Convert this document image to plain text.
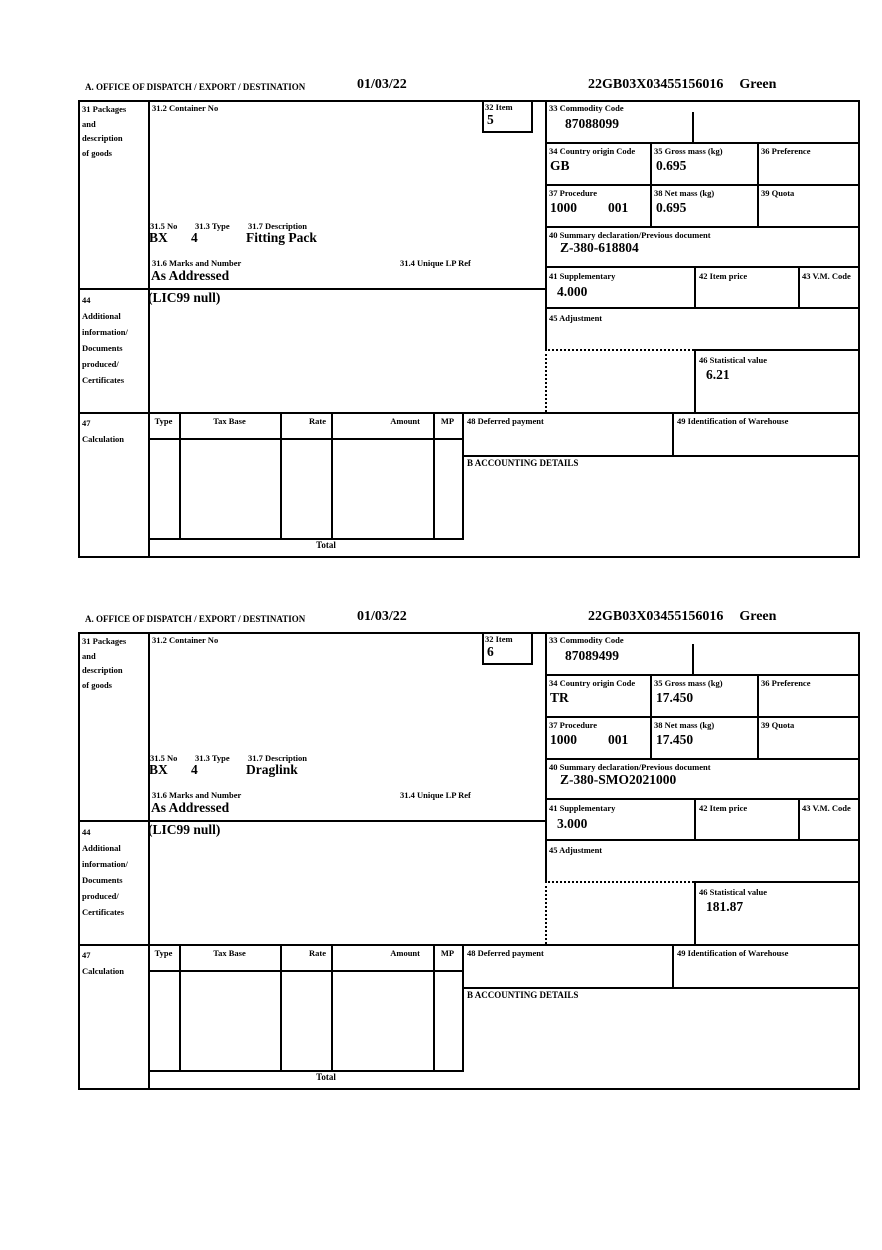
A. OFFICE OF DISPATCH / EXPORT / DESTINATION	01/03/22	22GB03X03455156016 Green
31 Packages
and
description
of goods
44
Additional
information/
Documents
produced/
Certificates
47
Calculation
31.2 Container No	32 Item
5
31.5 No 31.3 Type 31.7 Description
BX 4	Fitting Pack
31.6 Marks and Number	31.4 Unique LP Ref
As Addressed
(LIC99 null)
33 Commodity Code
87088099
34 Country origin Code
GB
35 Gross mass (kg)
0.695
36 Preference
37 Procedure
1000 001
38 Net mass (kg)
0.695
39 Quota
40 Summary declaration/Previous document
Z-380-618804
41 Supplementary
4.000
42 Item price	43 V.M. Code
45 Adjustment
46 Statistical value
6.21
Type	Tax Base	Rate	Amount	MP	48 Deferred payment	49 Identification of Warehouse
B ACCOUNTING DETAILS
Total
A. OFFICE OF DISPATCH / EXPORT / DESTINATION	01/03/22	22GB03X03455156016 Green
31 Packages
and
description
of goods
44
Additional
information/
Documents
produced/
Certificates
47
Calculation
31.2 Container No	32 Item
6
31.5 No 31.3 Type 31.7 Description
BX 4	Draglink
31.6 Marks and Number	31.4 Unique LP Ref
As Addressed
(LIC99 null)
33 Commodity Code
87089499
34 Country origin Code
TR
35 Gross mass (kg)
17.450
36 Preference
37 Procedure
1000 001
38 Net mass (kg)
17.450
39 Quota
40 Summary declaration/Previous document
Z-380-SMO2021000
41 Supplementary
3.000
42 Item price	43 V.M. Code
45 Adjustment
46 Statistical value
181.87
Type	Tax Base	Rate	Amount	MP	48 Deferred payment	49 Identification of Warehouse
B ACCOUNTING DETAILS
Total
